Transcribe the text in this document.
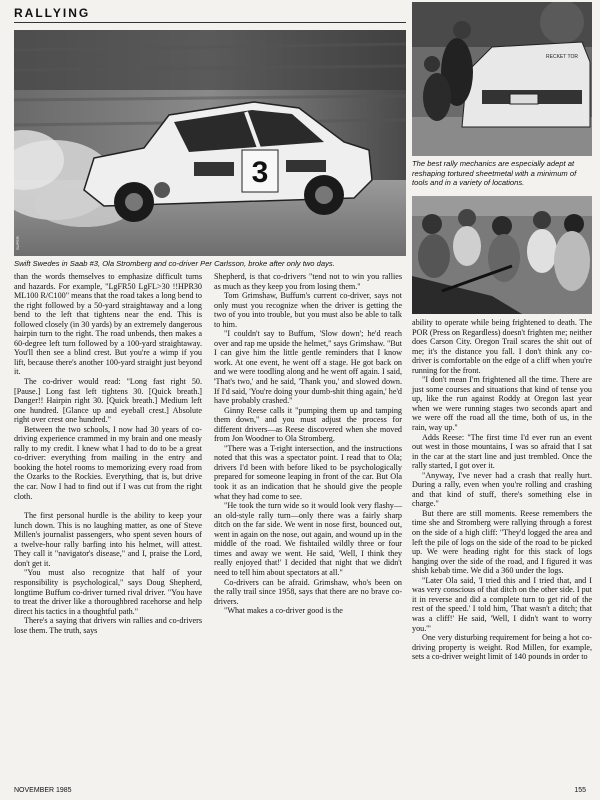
RALLYING
3
SUPER
Swift Swedes in Saab #3, Ola Stromberg and co-driver Per Carlsson, broke after only two days.
RECKET TOR
DICK OSCAR
The best rally mechanics are especially adept at reshaping tortured sheetmetal with a minimum of tools and in a variety of locations.

than the words themselves to emphasize difficult turns and hazards. For example, "LgFR50 LgFL>30 !!HPR30 ML100 R/C100" means that the road takes a long bend to the right followed by a 50-yard straightaway and a long bend to the left that tightens near the end. This is followed closely (in 30 yards) by an extremely dangerous hairpin turn to the right. The road unbends, then makes a 60-degree left turn followed by a 100-yard straightaway. You'll then see a blind crest. But you're a wimp if you lift, because there's another 100-yard straight just beyond it.

The co-driver would read: "Long fast right 50. [Pause.] Long fast left tightens 30. [Quick breath.] Danger!! Hairpin right 30. [Quick breath.] Medium left one hundred. [Glance up and eyeball crest.] Absolute right over crest one hundred."

Between the two schools, I now had 30 years of co-driving experience crammed in my brain and one measly rally to my credit. I knew what I had to do to be a great co-driver: everything from mailing in the entry and booking the hotel rooms to memorizing every road from the Ozarks to the Rockies. Everything, that is, but drive the car. Now I had to find out if I was cut from the right cloth.

The first personal hurdle is the ability to keep your lunch down. This is no laughing matter, as one of Steve Millen's journalist passengers, who spent seven hours of a twelve-hour rally barfing into his helmet, will attest. They call it "navigator's disease," and I, praise the Lord, don't get it.

"You must also recognize that half of your responsibility is psychological," says Doug Shepherd, longtime Buffum co-driver turned rival driver. "You have to treat the driver like a thoroughbred racehorse and help direct his tactics in a thoughtful path."

There's a saying that drivers win rallies and co-drivers lose them. The truth, says

Shepherd, is that co-drivers "tend not to win you rallies as much as they keep you from losing them."

Tom Grimshaw, Buffum's current co-driver, says not only must you recognize when the driver is getting the two of you into trouble, but you must also be able to talk to him.

"I couldn't say to Buffum, 'Slow down'; he'd reach over and rap me upside the helmet," says Grimshaw. "But I can give him the little gentle reminders that I know work. At one event, he went off a stage. He got back on and we were toodling along and he went off again. I said, 'That's two,' and he said, 'Thank you,' and slowed down. If I'd said, 'You're doing your dumb-shit thing again,' he'd have probably crashed."

Ginny Reese calls it "pumping them up and tamping them down," and you must adjust the process for different drivers—as Reese discovered when she moved from Jon Woodner to Ola Stromberg.

"There was a T-right intersection, and the instructions noted that this was a spectator point. I read that to Ola; drivers I'd been with before liked to be psychologically prepared for someone leaping in front of the car. But Ola took it as an indication that he should give the people what they had come to see.

"He took the turn wide so it would look very flashy—an old-style rally turn—only there was a fairly sharp ditch on the far side. We went in nose first, bounced out, went in again on the nose, out again, and wound up in the middle of the road. We fishtailed wildly three or four times and away we went. He said, 'Well, I think they really enjoyed that!' I decided that night that we didn't need to tell him about spectators at all."

Co-drivers can be afraid. Grimshaw, who's been on the rally trail since 1958, says that there are no brave co-drivers.

"What makes a co-driver good is the

ability to operate while being frightened to death. The POR (Press on Regardless) doesn't frighten me; neither does Carson City. Oregon Trail scares the shit out of me; it's the distance you fall. I don't think any co-driver is comfortable on the edge of a cliff when you're running for the front.

"I don't mean I'm frightened all the time. There are just some courses and situations that kind of tense you up, like the run against Roddy at Oregon last year when we were running stages two seconds apart and we were off the road all the time, both of us, in the rain, way up."

Adds Reese: "The first time I'd ever run an event out west in those mountains, I was so afraid that I sat in the car at the start line and just trembled. Once the rally started, I got over it.

"Anyway, I've never had a crash that really hurt. During a rally, even when you're rolling and crashing and that kind of stuff, there's something else in charge."

But there are still moments. Reese remembers the time she and Stromberg were rallying through a forest on the side of a high cliff: "They'd logged the area and left the pile of logs on the side of the road to be picked up. We were heading right for this stack of logs hanging over the side of the road, and I figured it was shish kebab time. We did a 360 under the logs.

"Later Ola said, 'I tried this and I tried that, and I was very conscious of that ditch on the other side. I put it in reverse and did a complete turn to get rid of the rest of the speed.' I told him, 'That wasn't a ditch; that was a cliff!' He said, 'Well, I didn't want to worry you.'"

One very disturbing requirement for being a hot co-driving property is weight. Rod Millen, for example, sets a co-driver weight limit of 140 pounds in order to

NOVEMBER 1985	155
